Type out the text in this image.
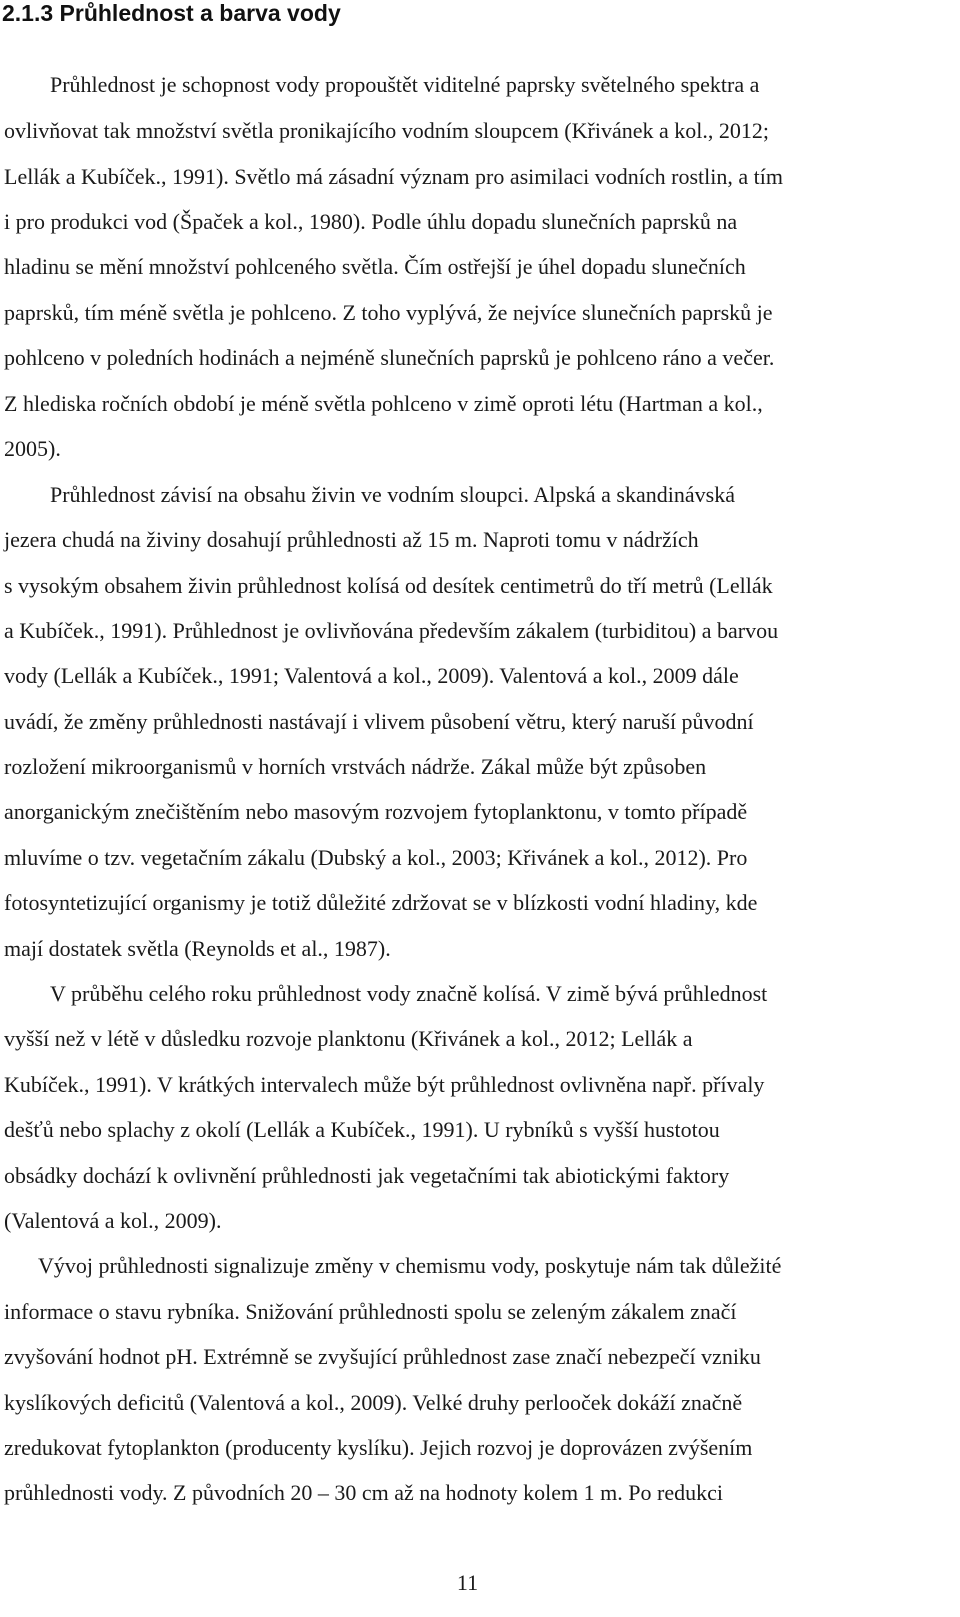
2.1.3 Průhlednost a barva vody

Průhlednost je schopnost vody propouštět viditelné paprsky světelného spektra a

ovlivňovat tak množství světla pronikajícího vodním sloupcem (Křivánek a kol., 2012;

Lellák a Kubíček., 1991). Světlo má zásadní význam pro asimilaci vodních rostlin, a tím

i pro produkci vod (Špaček a kol., 1980). Podle úhlu dopadu slunečních paprsků na

hladinu se mění množství pohlceného světla. Čím ostřejší je úhel dopadu slunečních

paprsků, tím méně světla je pohlceno. Z toho vyplývá, že nejvíce slunečních paprsků je

pohlceno v poledních hodinách a nejméně slunečních paprsků je pohlceno ráno a večer.

Z hlediska ročních období je méně světla pohlceno v zimě oproti létu (Hartman a kol.,

2005).

Průhlednost závisí na obsahu živin ve vodním sloupci. Alpská a skandinávská

jezera chudá na živiny dosahují průhlednosti až 15 m. Naproti tomu v nádržích

s vysokým obsahem živin průhlednost kolísá od desítek centimetrů do tří metrů (Lellák

a Kubíček., 1991). Průhlednost je ovlivňována především zákalem (turbiditou) a barvou

vody (Lellák a Kubíček., 1991; Valentová a kol., 2009). Valentová a kol., 2009 dále

uvádí, že změny průhlednosti nastávají i vlivem působení větru, který naruší původní

rozložení mikroorganismů v horních vrstvách nádrže. Zákal může být způsoben

anorganickým znečištěním nebo masovým rozvojem fytoplanktonu, v tomto případě

mluvíme o tzv. vegetačním zákalu (Dubský a kol., 2003; Křivánek a kol., 2012). Pro

fotosyntetizující organismy je totiž důležité zdržovat se v blízkosti vodní hladiny, kde

mají dostatek světla (Reynolds et al., 1987).

V průběhu celého roku průhlednost vody značně kolísá. V zimě bývá průhlednost

vyšší než v létě v důsledku rozvoje planktonu (Křivánek a kol., 2012; Lellák a

Kubíček., 1991). V krátkých intervalech může být průhlednost ovlivněna např. přívaly

dešťů nebo splachy z okolí (Lellák a Kubíček., 1991). U rybníků s vyšší hustotou

obsádky dochází k ovlivnění průhlednosti jak vegetačními tak abiotickými faktory

(Valentová a kol., 2009).

Vývoj průhlednosti signalizuje změny v chemismu vody, poskytuje nám tak důležité

informace o stavu rybníka. Snižování průhlednosti spolu se zeleným zákalem značí

zvyšování hodnot pH. Extrémně se zvyšující průhlednost zase značí nebezpečí vzniku

kyslíkových deficitů (Valentová a kol., 2009). Velké druhy perlooček dokáží značně

zredukovat fytoplankton (producenty kyslíku). Jejich rozvoj je doprovázen zvýšením

průhlednosti vody. Z původních 20 – 30 cm až na hodnoty kolem 1 m. Po redukci

11
